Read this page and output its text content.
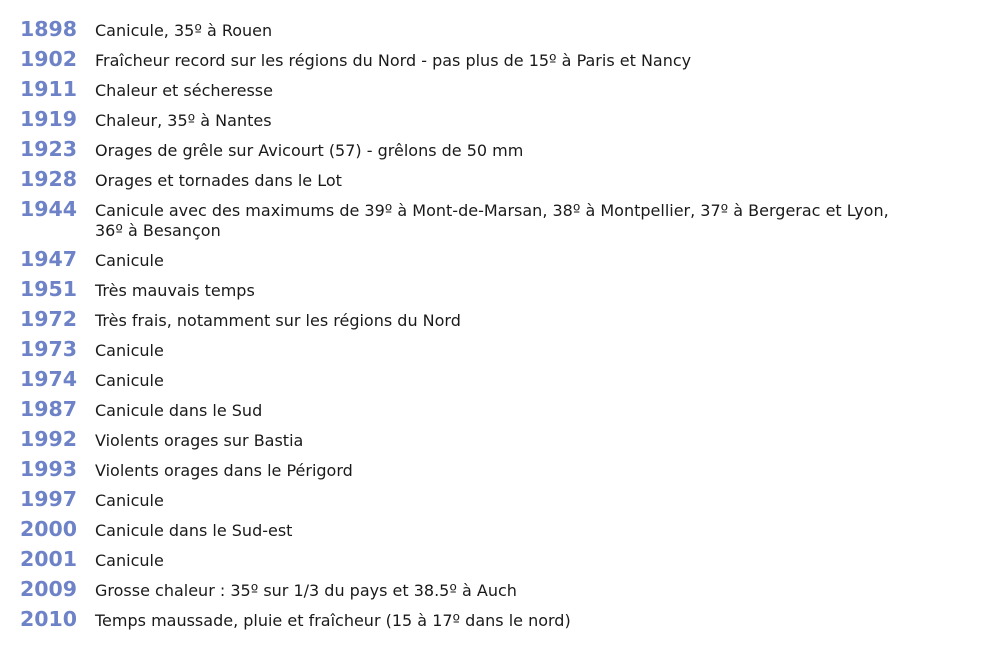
1898	Canicule, 35º à Rouen
1902	Fraîcheur record sur les régions du Nord - pas plus de 15º à Paris et Nancy
1911	Chaleur et sécheresse
1919	Chaleur, 35º à Nantes
1923	Orages de grêle sur Avicourt (57) - grêlons de 50 mm
1928	Orages et tornades dans le Lot
1944	Canicule avec des maximums de 39º à Mont-de-Marsan, 38º à Montpellier, 37º à Bergerac et Lyon, 36º à Besançon
1947	Canicule
1951	Très mauvais temps
1972	Très frais, notamment sur les régions du Nord
1973	Canicule
1974	Canicule
1987	Canicule dans le Sud
1992	Violents orages sur Bastia
1993	Violents orages dans le Périgord
1997	Canicule
2000	Canicule dans le Sud-est
2001	Canicule
2009	Grosse chaleur : 35º sur 1/3 du pays et 38.5º à Auch
2010	Temps maussade, pluie et fraîcheur (15 à 17º dans le nord)
